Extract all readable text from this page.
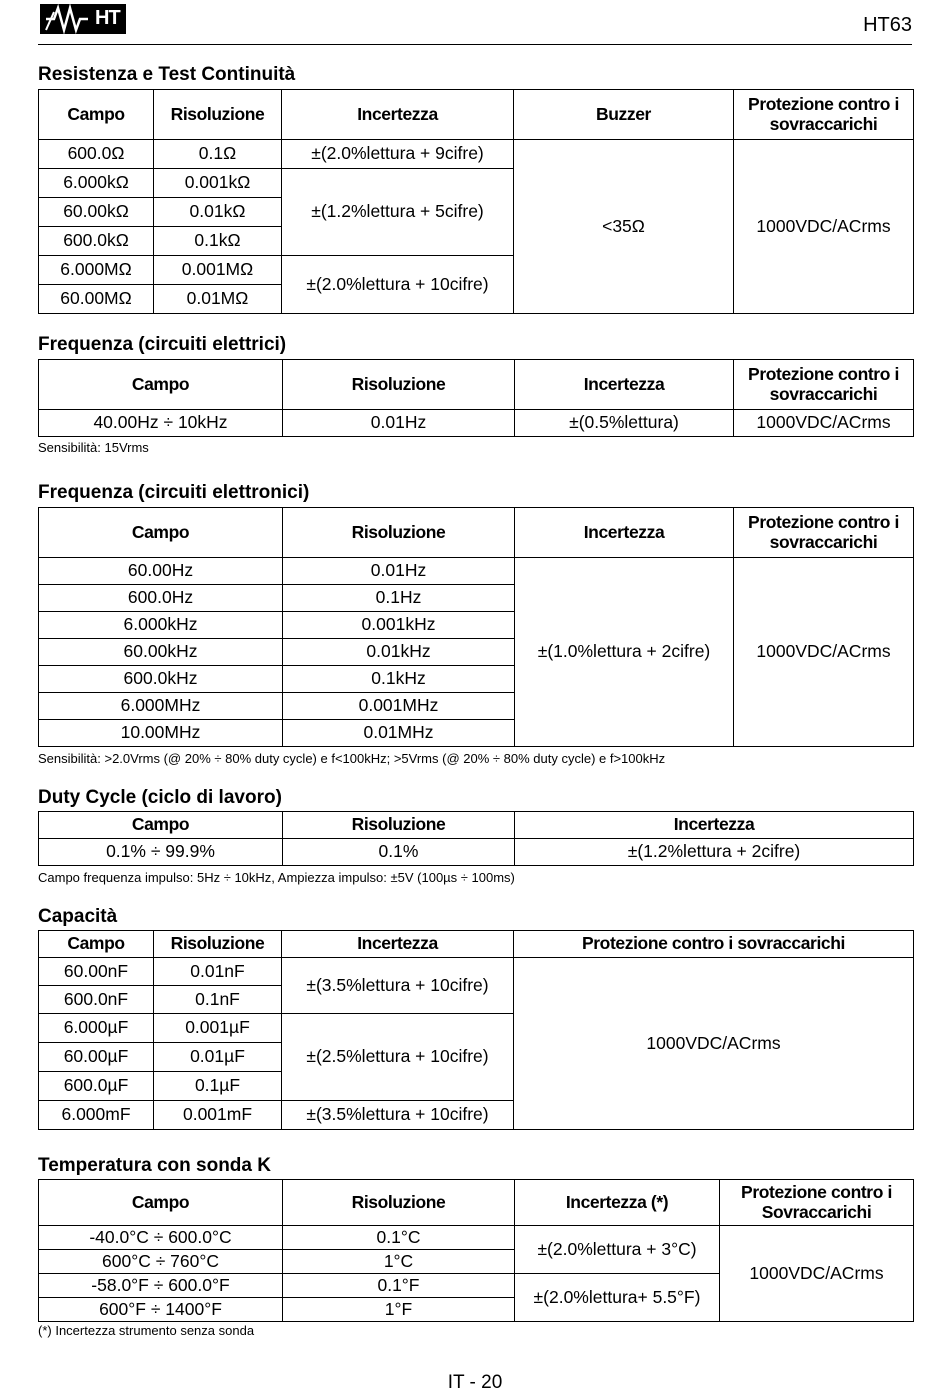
HT	HT63
Resistenza e Test Continuità
Campo	Risoluzione	Incertezza	Buzzer	Protezione contro i sovraccarichi
600.0Ω	0.1Ω	±(2.0%lettura + 9cifre)	<35Ω	1000VDC/ACrms
6.000kΩ	0.001kΩ	±(1.2%lettura + 5cifre)		
60.00kΩ	0.01kΩ			
600.0kΩ	0.1kΩ			
6.000MΩ	0.001MΩ	±(2.0%lettura + 10cifre)		
60.00MΩ	0.01MΩ			
Frequenza (circuiti elettrici)
Campo	Risoluzione	Incertezza	Protezione contro i sovraccarichi
40.00Hz ÷ 10kHz	0.01Hz	±(0.5%lettura)	1000VDC/ACrms
Sensibilità: 15Vrms
Frequenza (circuiti elettronici)
Campo	Risoluzione	Incertezza	Protezione contro i sovraccarichi
60.00Hz	0.01Hz	±(1.0%lettura + 2cifre)	1000VDC/ACrms
600.0Hz	0.1Hz		
6.000kHz	0.001kHz		
60.00kHz	0.01kHz		
600.0kHz	0.1kHz		
6.000MHz	0.001MHz		
10.00MHz	0.01MHz		
Sensibilità: >2.0Vrms (@ 20% ÷ 80% duty cycle) e f<100kHz; >5Vrms (@ 20% ÷ 80% duty cycle) e f>100kHz
Duty Cycle (ciclo di lavoro)
Campo	Risoluzione	Incertezza
0.1% ÷ 99.9%	0.1%	±(1.2%lettura + 2cifre)
Campo frequenza impulso: 5Hz ÷ 10kHz, Ampiezza impulso: ±5V (100µs ÷ 100ms)
Capacità
Campo	Risoluzione	Incertezza	Protezione contro i sovraccarichi
60.00nF	0.01nF	±(3.5%lettura + 10cifre)	1000VDC/ACrms
600.0nF	0.1nF		
6.000µF	0.001µF	±(2.5%lettura + 10cifre)	
60.00µF	0.01µF		
600.0µF	0.1µF		
6.000mF	0.001mF	±(3.5%lettura + 10cifre)	
Temperatura con sonda K
Campo	Risoluzione	Incertezza (*)	Protezione contro i Sovraccarichi
-40.0°C ÷ 600.0°C	0.1°C	±(2.0%lettura + 3°C)	1000VDC/ACrms
600°C ÷ 760°C	1°C		
-58.0°F ÷ 600.0°F	0.1°F	±(2.0%lettura+ 5.5°F)	
600°F ÷ 1400°F	1°F		
(*) Incertezza strumento senza sonda
IT - 20
